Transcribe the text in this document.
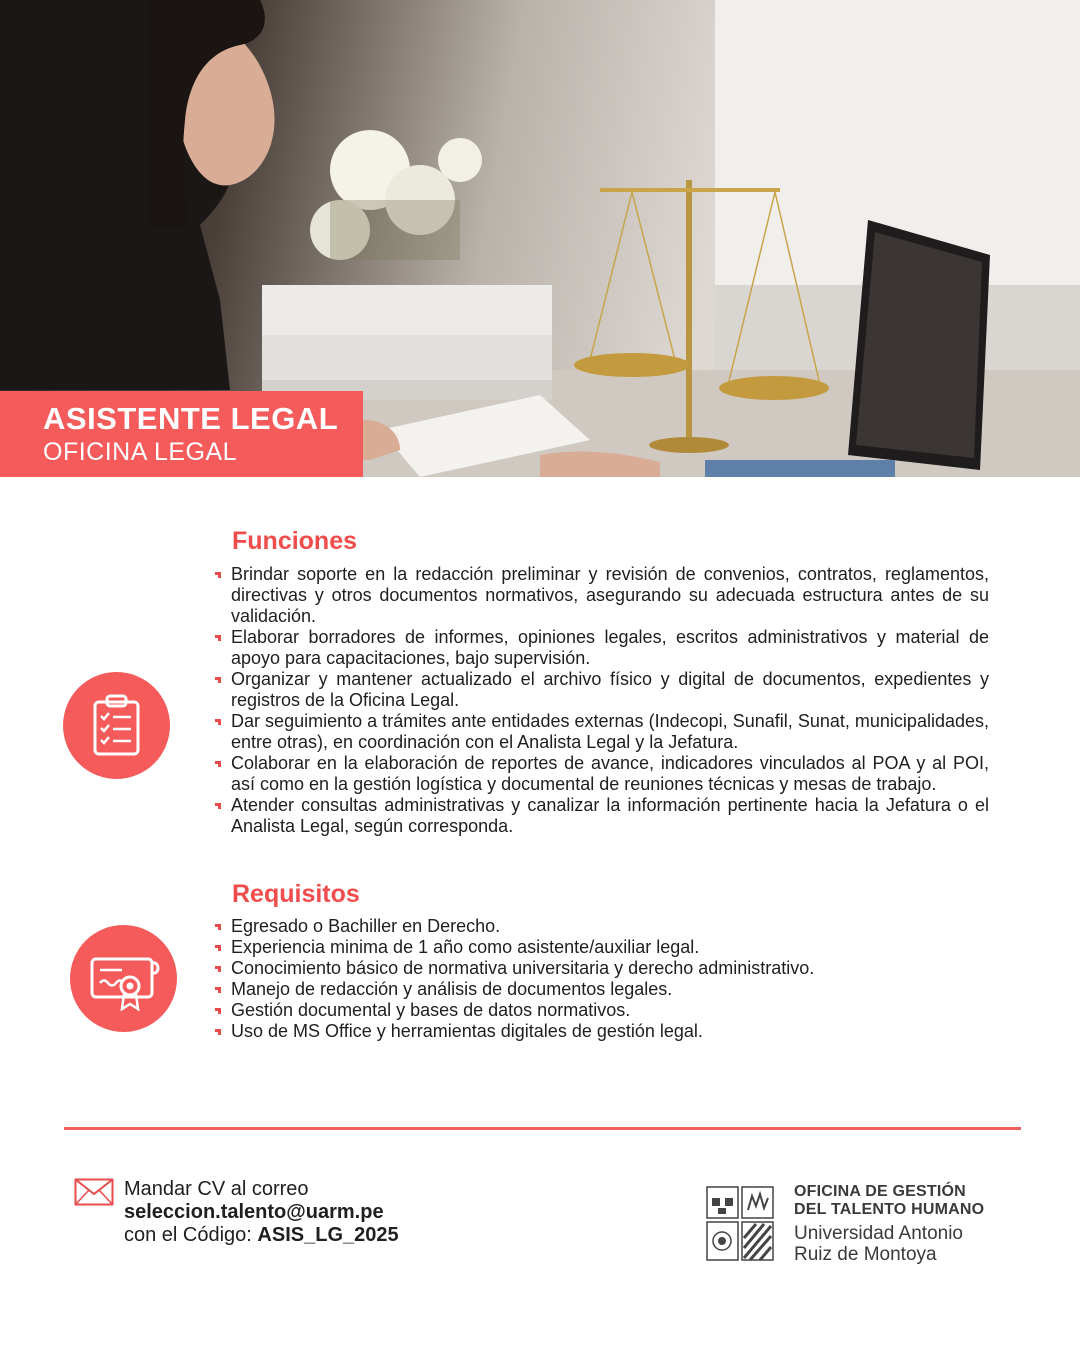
ASISTENTE LEGAL
OFICINA LEGAL
Funciones
Brindar soporte en la redacción preliminar y revisión de convenios, contratos, reglamentos, directivas y otros documentos normativos, asegurando su adecuada estructura antes de su validación.
Elaborar borradores de informes, opiniones legales, escritos administrativos y material de apoyo para capacitaciones, bajo supervisión.
Organizar y mantener actualizado el archivo físico y digital de documentos, expedientes y registros de la Oficina Legal.
Dar seguimiento a trámites ante entidades externas (Indecopi, Sunafil, Sunat, municipalidades, entre otras), en coordinación con el Analista Legal y la Jefatura.
Colaborar en la elaboración de reportes de avance, indicadores vinculados al POA y al POI, así como en la gestión logística y documental de reuniones técnicas y mesas de trabajo.
Atender consultas administrativas y canalizar la información pertinente hacia la Jefatura o el Analista Legal, según corresponda.
Requisitos
Egresado o Bachiller en Derecho.
Experiencia minima de 1 año como asistente/auxiliar legal.
Conocimiento básico de normativa universitaria y derecho administrativo.
Manejo de redacción y análisis de documentos legales.
Gestión documental y bases de datos normativos.
Uso de MS Office y herramientas digitales de gestión legal.
Mandar CV al correo
seleccion.talento@uarm.pe
con el Código: ASIS_LG_2025
OFICINA DE GESTIÓN
DEL TALENTO HUMANO
Universidad Antonio
Ruiz de Montoya
